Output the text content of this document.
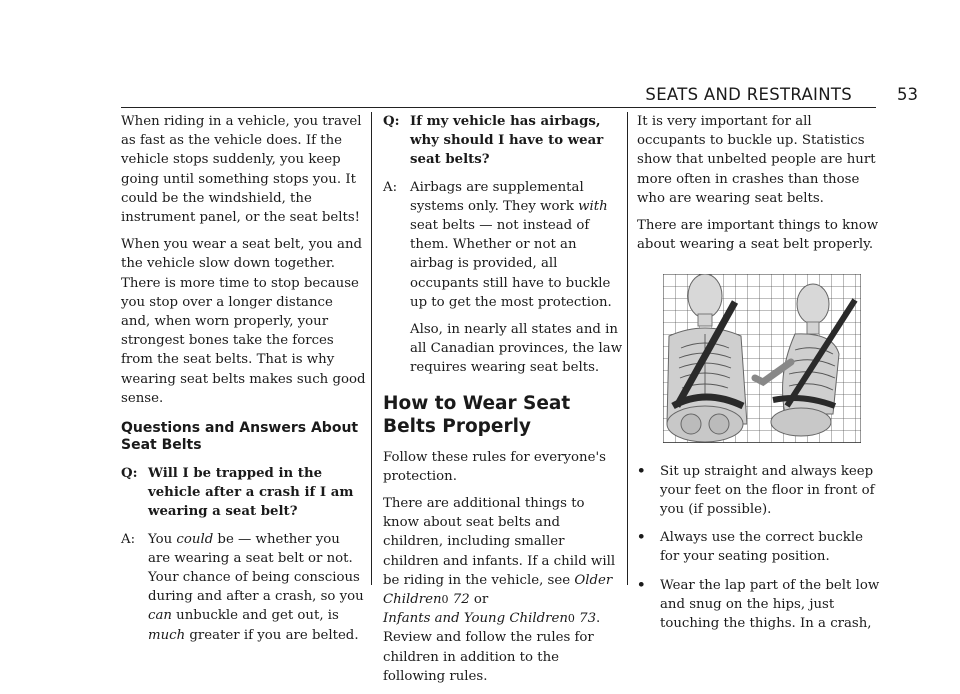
SEATS AND RESTRAINTS	53

When riding in a vehicle, you travel as fast as the vehicle does. If the vehicle stops suddenly, you keep going until something stops you. It could be the windshield, the instrument panel, or the seat belts!

When you wear a seat belt, you and the vehicle slow down together. There is more time to stop because you stop over a longer distance and, when worn properly, your strongest bones take the forces from the seat belts. That is why wearing seat belts makes such good sense.

Questions and Answers About Seat Belts
Q: Will I be trapped in the vehicle after a crash if I am wearing a seat belt?
A: You could be — whether you are wearing a seat belt or not. Your chance of being conscious during and after a crash, so you can unbuckle and get out, is much greater if you are belted.
Q: If my vehicle has airbags, why should I have to wear seat belts?
A: Airbags are supplemental systems only. They work with seat belts — not instead of them. Whether or not an airbag is provided, all occupants still have to buckle up to get the most protection.

Also, in nearly all states and in all Canadian provinces, the law requires wearing seat belts.

How to Wear Seat Belts Properly

Follow these rules for everyone's protection.

There are additional things to know about seat belts and children, including smaller children and infants. If a child will be riding in the vehicle, see Older Children0 72 or
Infants and Young Children0 73. Review and follow the rules for children in addition to the following rules.

It is very important for all occupants to buckle up. Statistics show that unbelted people are hurt more often in crashes than those who are wearing seat belts.

There are important things to know about wearing a seat belt properly.

•	Sit up straight and always keep your feet on the floor in front of you (if possible).
•	Always use the correct buckle for your seating position.
•	Wear the lap part of the belt low and snug on the hips, just touching the thighs. In a crash,
